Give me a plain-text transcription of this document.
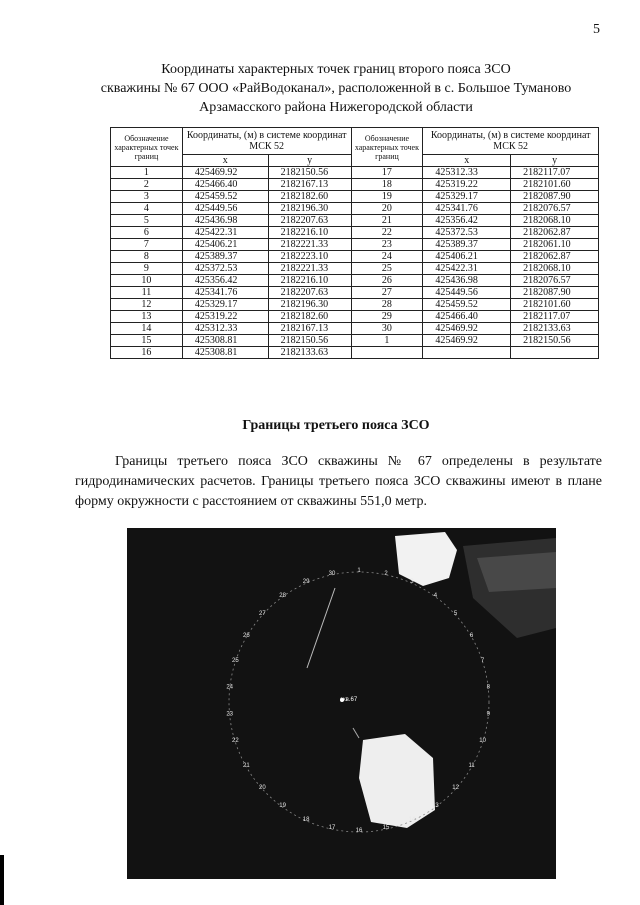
5
Координаты характерных точек границ второго пояса ЗСО
скважины № 67 ООО «РайВодоканал», расположенной в с. Большое Туманово
Арзамасского района Нижегородской области
Обозначение характерных точек границ	Координаты, (м) в системе координат МСК 52		Обозначение характерных точек границ	Координаты, (м) в системе координат МСК 52	
	x	y		x	y
1	425469.92	2182150.56	17	425312.33	2182117.07
2	425466.40	2182167.13	18	425319.22	2182101.60
3	425459.52	2182182.60	19	425329.17	2182087.90
4	425449.56	2182196.30	20	425341.76	2182076.57
5	425436.98	2182207.63	21	425356.42	2182068.10
6	425422.31	2182216.10	22	425372.53	2182062.87
7	425406.21	2182221.33	23	425389.37	2182061.10
8	425389.37	2182223.10	24	425406.21	2182062.87
9	425372.53	2182221.33	25	425422.31	2182068.10
10	425356.42	2182216.10	26	425436.98	2182076.57
11	425341.76	2182207.63	27	425449.56	2182087.90
12	425329.17	2182196.30	28	425459.52	2182101.60
13	425319.22	2182182.60	29	425466.40	2182117.07
14	425312.33	2182167.13	30	425469.92	2182133.63
15	425308.81	2182150.56	1	425469.92	2182150.56
16	425308.81	2182133.63			
Границы третьего пояса ЗСО
Границы третьего пояса ЗСО скважины № 67 определены в результате гидродинамических расчетов. Границы третьего пояса ЗСО скважины имеют в плане форму окружности с расстоянием от скважины 551,0 метр.
1	2
3
4
5
6
7
8
9
10
11
12
13
14
15
16
17
18
19
20
21
22
23
24
25
26
27
28
29
30
скв.67
